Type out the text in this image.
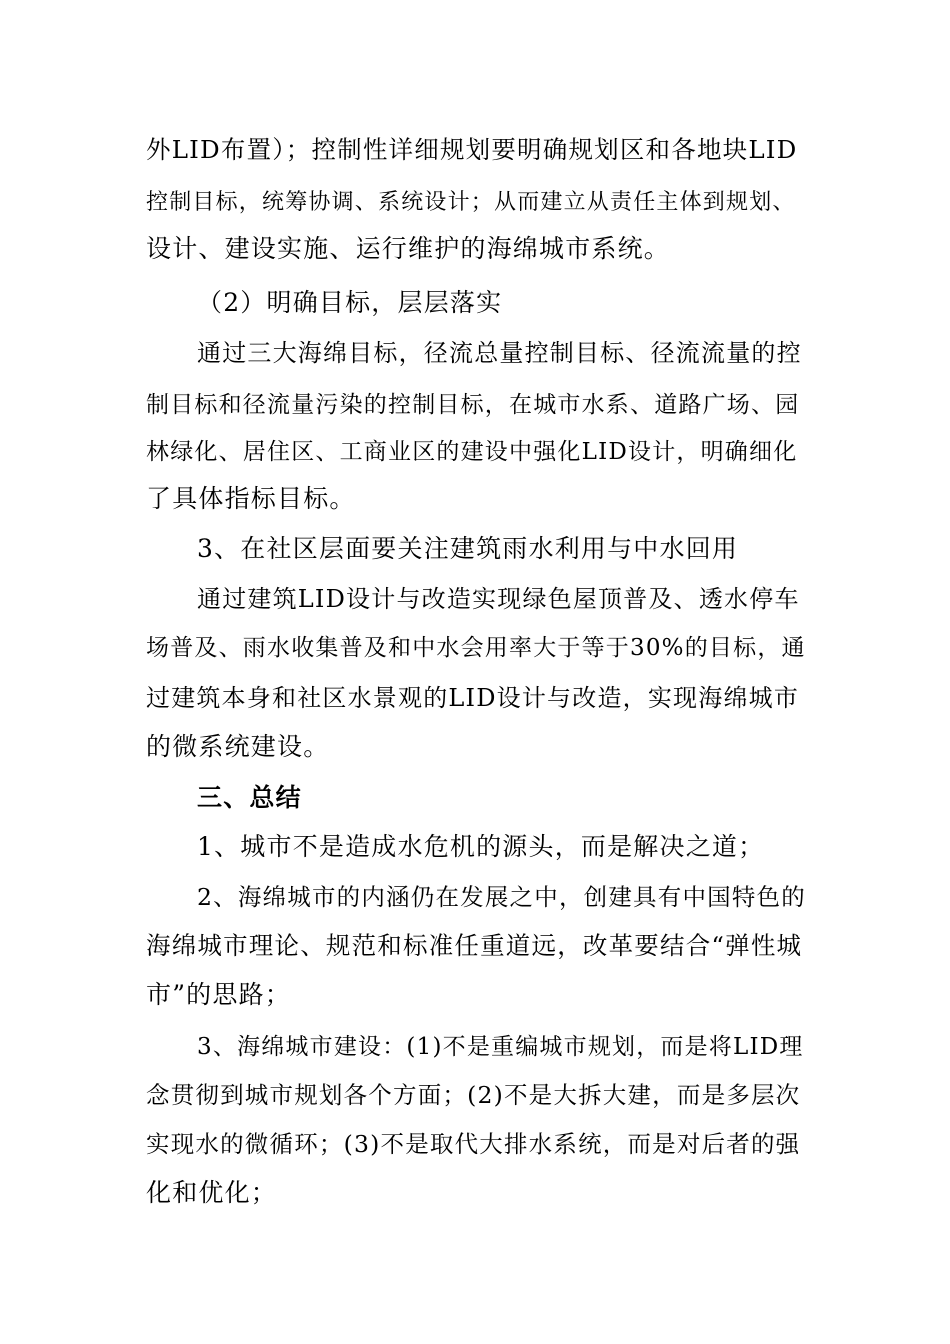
外LID布置）；控制性详细规划要明确规划区和各地块LID
控制目标，统筹协调、系统设计；从而建立从责任主体到规划、
设计、建设实施、运行维护的海绵城市系统。
（2）明确目标，层层落实
通过三大海绵目标，径流总量控制目标、径流流量的控
制目标和径流量污染的控制目标，在城市水系、道路广场、园
林绿化、居住区、工商业区的建设中强化LID设计，明确细化
了具体指标目标。
3、在社区层面要关注建筑雨水利用与中水回用
通过建筑LID设计与改造实现绿色屋顶普及、透水停车
场普及、雨水收集普及和中水会用率大于等于30%的目标，通
过建筑本身和社区水景观的LID设计与改造，实现海绵城市
的微系统建设。
三、总结
1、城市不是造成水危机的源头，而是解决之道；
2、海绵城市的内涵仍在发展之中，创建具有中国特色的
海绵城市理论、规范和标准任重道远，改革要结合“弹性城
市”的思路；
3、海绵城市建设：(1)不是重编城市规划，而是将LID理
念贯彻到城市规划各个方面；(2)不是大拆大建，而是多层次
实现水的微循环；(3)不是取代大排水系统，而是对后者的强
化和优化；
